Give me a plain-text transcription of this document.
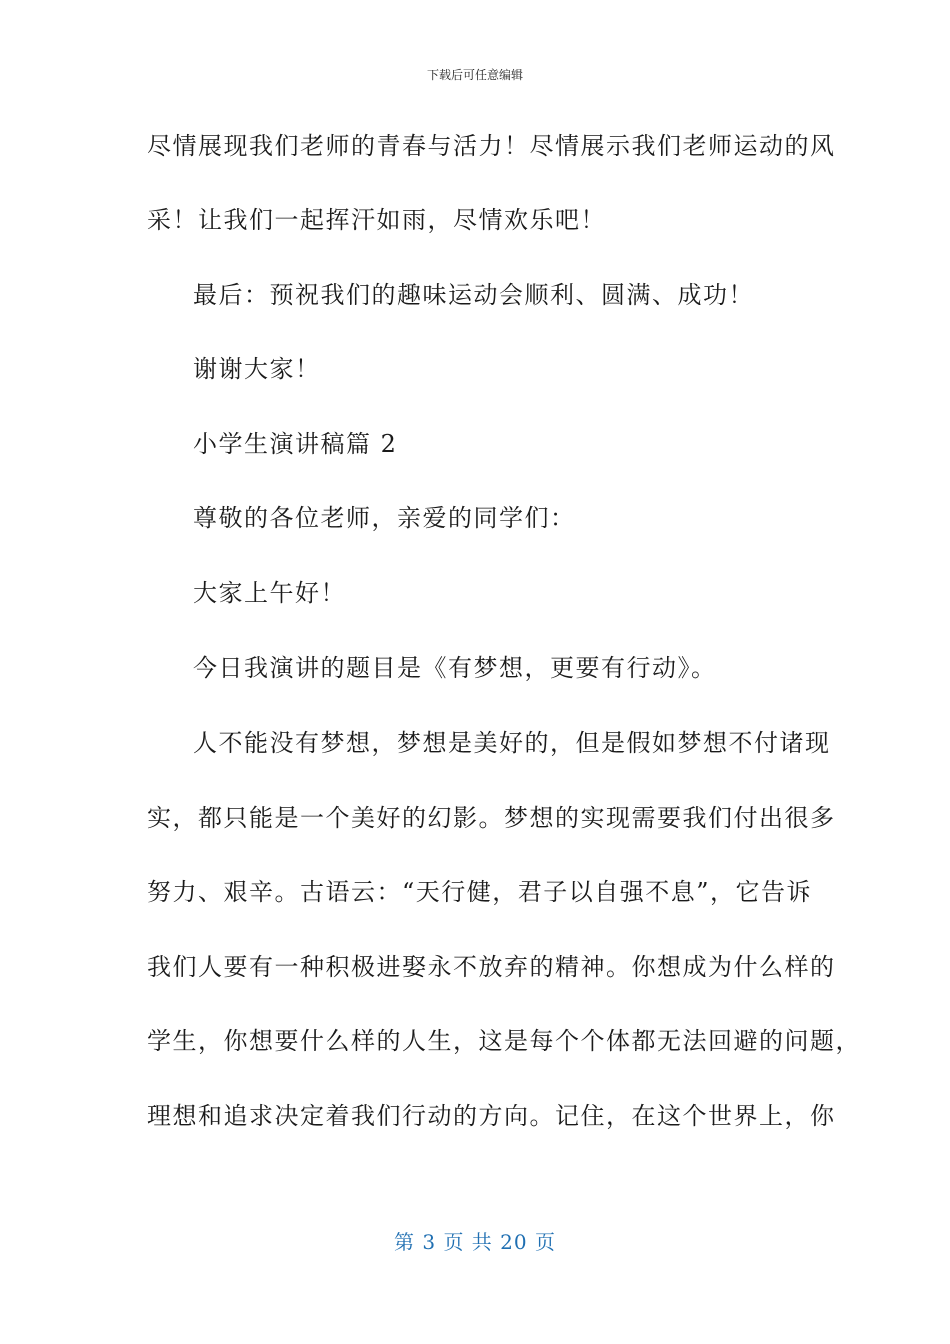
下载后可任意编辑
尽情展现我们老师的青春与活力！尽情展示我们老师运动的风
采！让我们一起挥汗如雨，尽情欢乐吧！
最后：预祝我们的趣味运动会顺利、圆满、成功！
谢谢大家！
小学生演讲稿篇 2
尊敬的各位老师，亲爱的同学们：
大家上午好！
今日我演讲的题目是《有梦想，更要有行动》。
人不能没有梦想，梦想是美好的，但是假如梦想不付诸现
实，都只能是一个美好的幻影。梦想的实现需要我们付出很多
努力、艰辛。古语云：“天行健，君子以自强不息”，它告诉
我们人要有一种积极进娶永不放弃的精神。你想成为什么样的
学生，你想要什么样的人生，这是每个个体都无法回避的问题，
理想和追求决定着我们行动的方向。记住，在这个世界上，你
第 3 页 共 20 页
